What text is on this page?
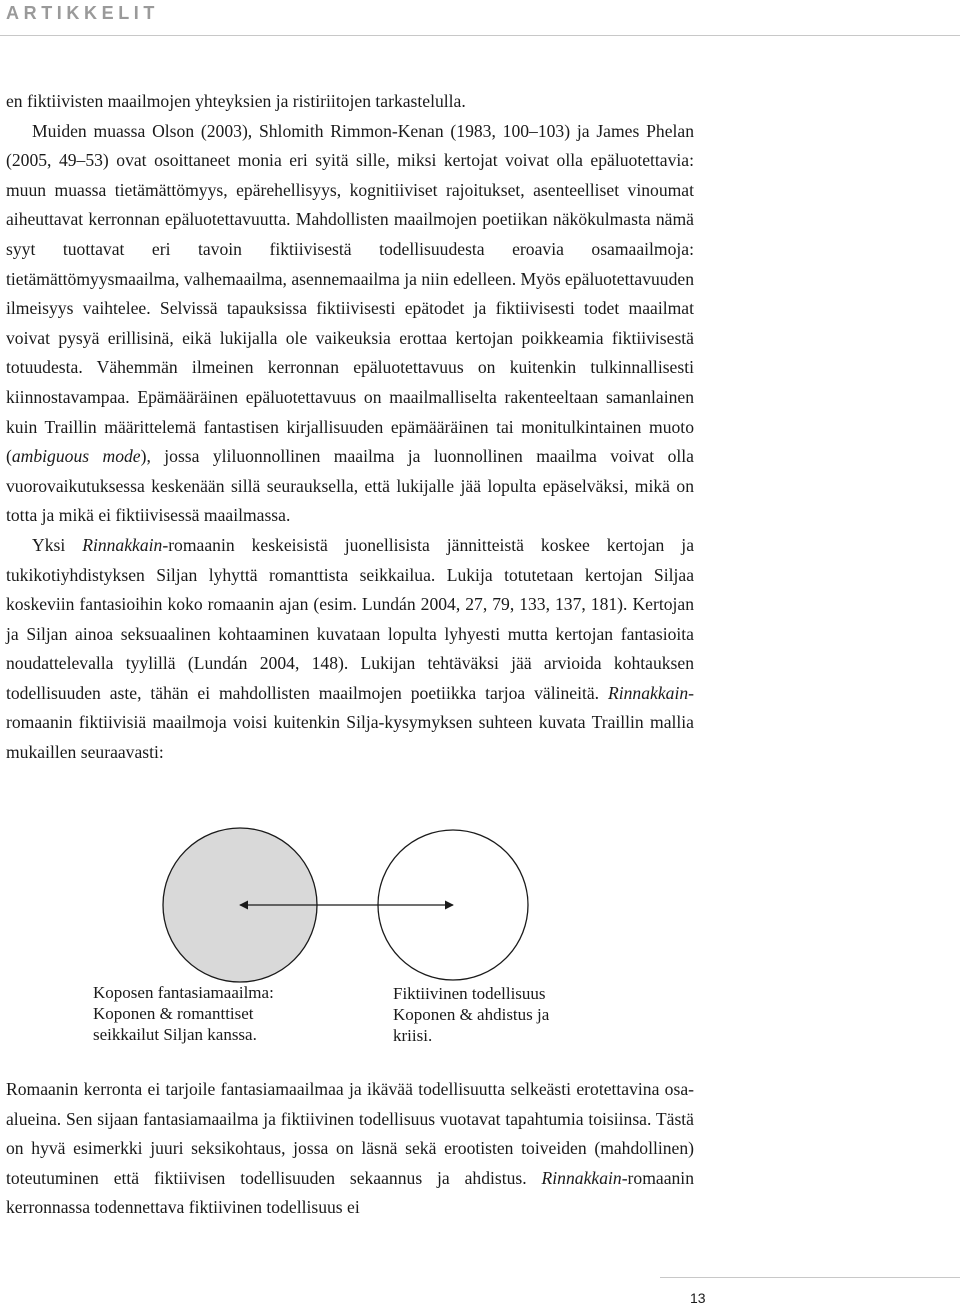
ARTIKKELIT

en fiktiivisten maailmojen yhteyksien ja ristiriitojen tarkastelulla.

Muiden muassa Olson (2003), Shlomith Rimmon-Kenan (1983, 100–103) ja James Phelan (2005, 49–53) ovat osoittaneet monia eri syitä sille, miksi kertojat voivat olla epäluotettavia: muun muassa tietämättömyys, epärehellisyys, kognitiiviset rajoitukset, asenteelliset vinoumat aiheuttavat kerronnan epäluotettavuutta. Mahdollisten maailmojen poetiikan näkökulmasta nämä syyt tuottavat eri tavoin fiktiivisestä todellisuudesta eroavia osamaailmoja: tietämättömyysmaailma, valhemaailma, asennemaailma ja niin edelleen. Myös epäluotettavuuden ilmeisyys vaihtelee. Selvissä tapauksissa fiktiivisesti epätodet ja fiktiivisesti todet maailmat voivat pysyä erillisinä, eikä lukijalla ole vaikeuksia erottaa kertojan poikkeamia fiktiivisestä totuudesta. Vähemmän ilmeinen kerronnan epäluotettavuus on kuitenkin tulkinnallisesti kiinnostavampaa. Epämääräinen epäluotettavuus on maailmalliselta rakenteeltaan samanlainen kuin Traillin määrittelemä fantastisen kirjallisuuden epämääräinen tai monitulkintainen muoto (ambiguous mode), jossa yliluonnollinen maailma ja luonnollinen maailma voivat olla vuorovaikutuksessa keskenään sillä seurauksella, että lukijalle jää lopulta epäselväksi, mikä on totta ja mikä ei fiktiivisessä maailmassa.

Yksi Rinnakkain-romaanin keskeisistä juonellisista jännitteistä koskee kertojan ja tukikotiyhdistyksen Siljan lyhyttä romanttista seikkailua. Lukija totutetaan kertojan Siljaa koskeviin fantasioihin koko romaanin ajan (esim. Lundán 2004, 27, 79, 133, 137, 181). Kertojan ja Siljan ainoa seksuaalinen kohtaaminen kuvataan lopulta lyhyesti mutta kertojan fantasioita noudattelevalla tyylillä (Lundán 2004, 148). Lukijan tehtäväksi jää arvioida kohtauksen todellisuuden aste, tähän ei mahdollisten maailmojen poetiikka tarjoa välineitä. Rinnakkain-romaanin fiktiivisiä maailmoja voisi kuitenkin Silja-kysymyksen suhteen kuvata Traillin mallia mukaillen seuraavasti:

Koposen fantasiamaailma:
Koponen & romanttiset
seikkailut Siljan kanssa.
Fiktiivinen todellisuus
Koponen & ahdistus ja
kriisi.

Romaanin kerronta ei tarjoile fantasiamaailmaa ja ikävää todellisuutta selkeästi erotettavina osa-alueina. Sen sijaan fantasiamaailma ja fiktiivinen todellisuus vuotavat tapahtumia toisiinsa. Tästä on hyvä esimerkki juuri seksikohtaus, jossa on läsnä sekä erootisten toiveiden (mahdollinen) toteutuminen että fiktiivisen todellisuuden sekaannus ja ahdistus. Rinnakkain-romaanin kerronnassa todennettava fiktiivinen todellisuus ei

13
